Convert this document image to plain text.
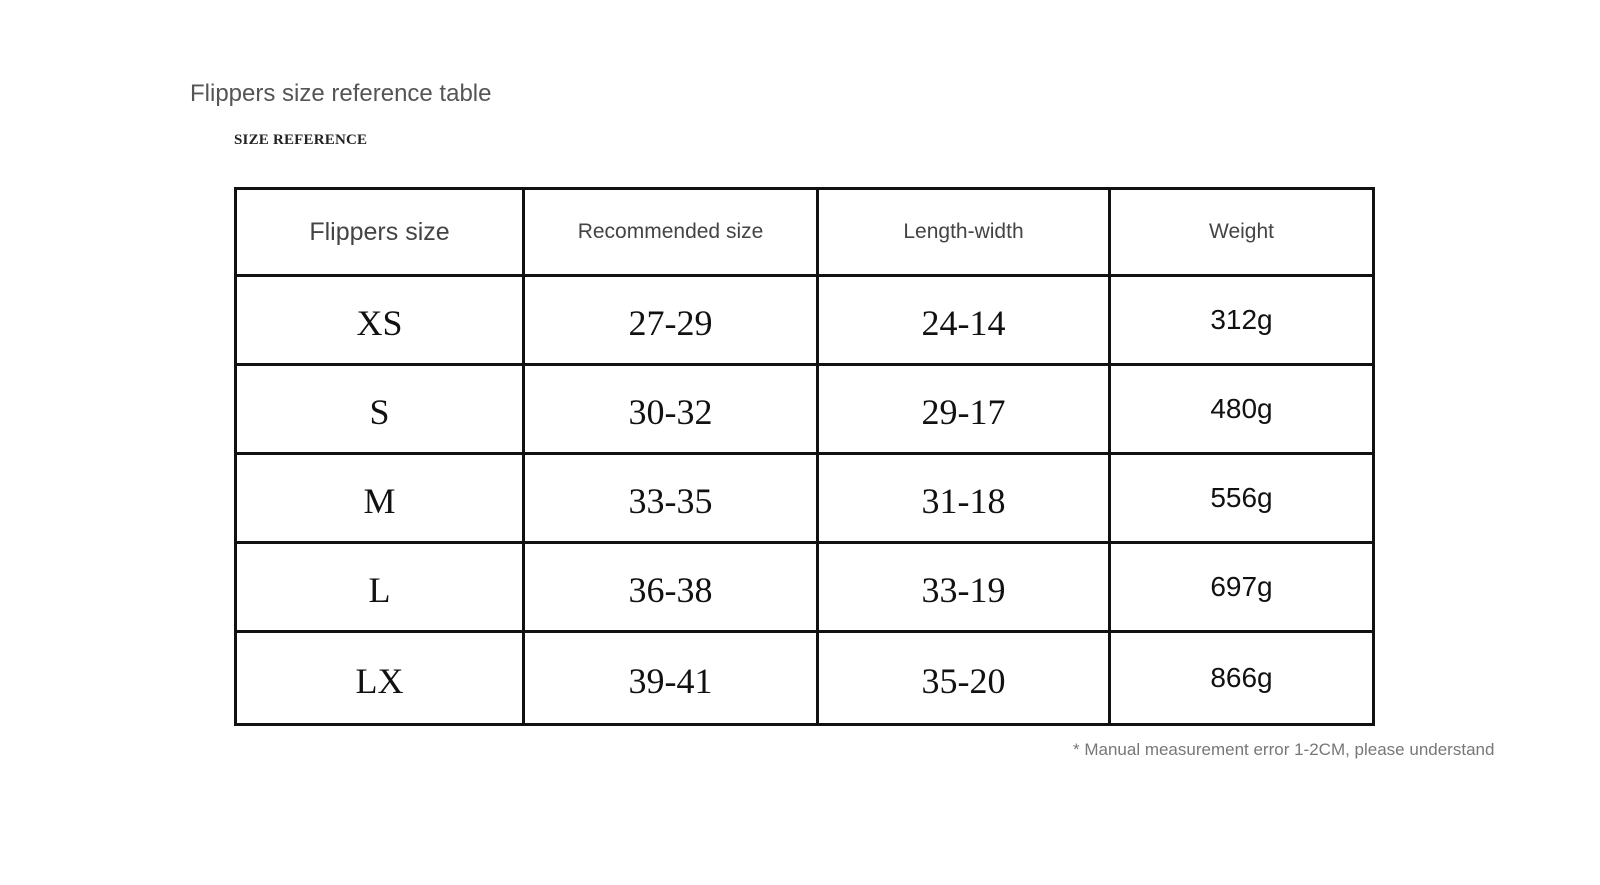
Flippers size reference table
SIZE REFERENCE
Flippers size	Recommended size	Length-width	Weight
XS	27-29	24-14	312g
S	30-32	29-17	480g
M	33-35	31-18	556g
L	36-38	33-19	697g
LX	39-41	35-20	866g
* Manual measurement error 1-2CM, please understand
